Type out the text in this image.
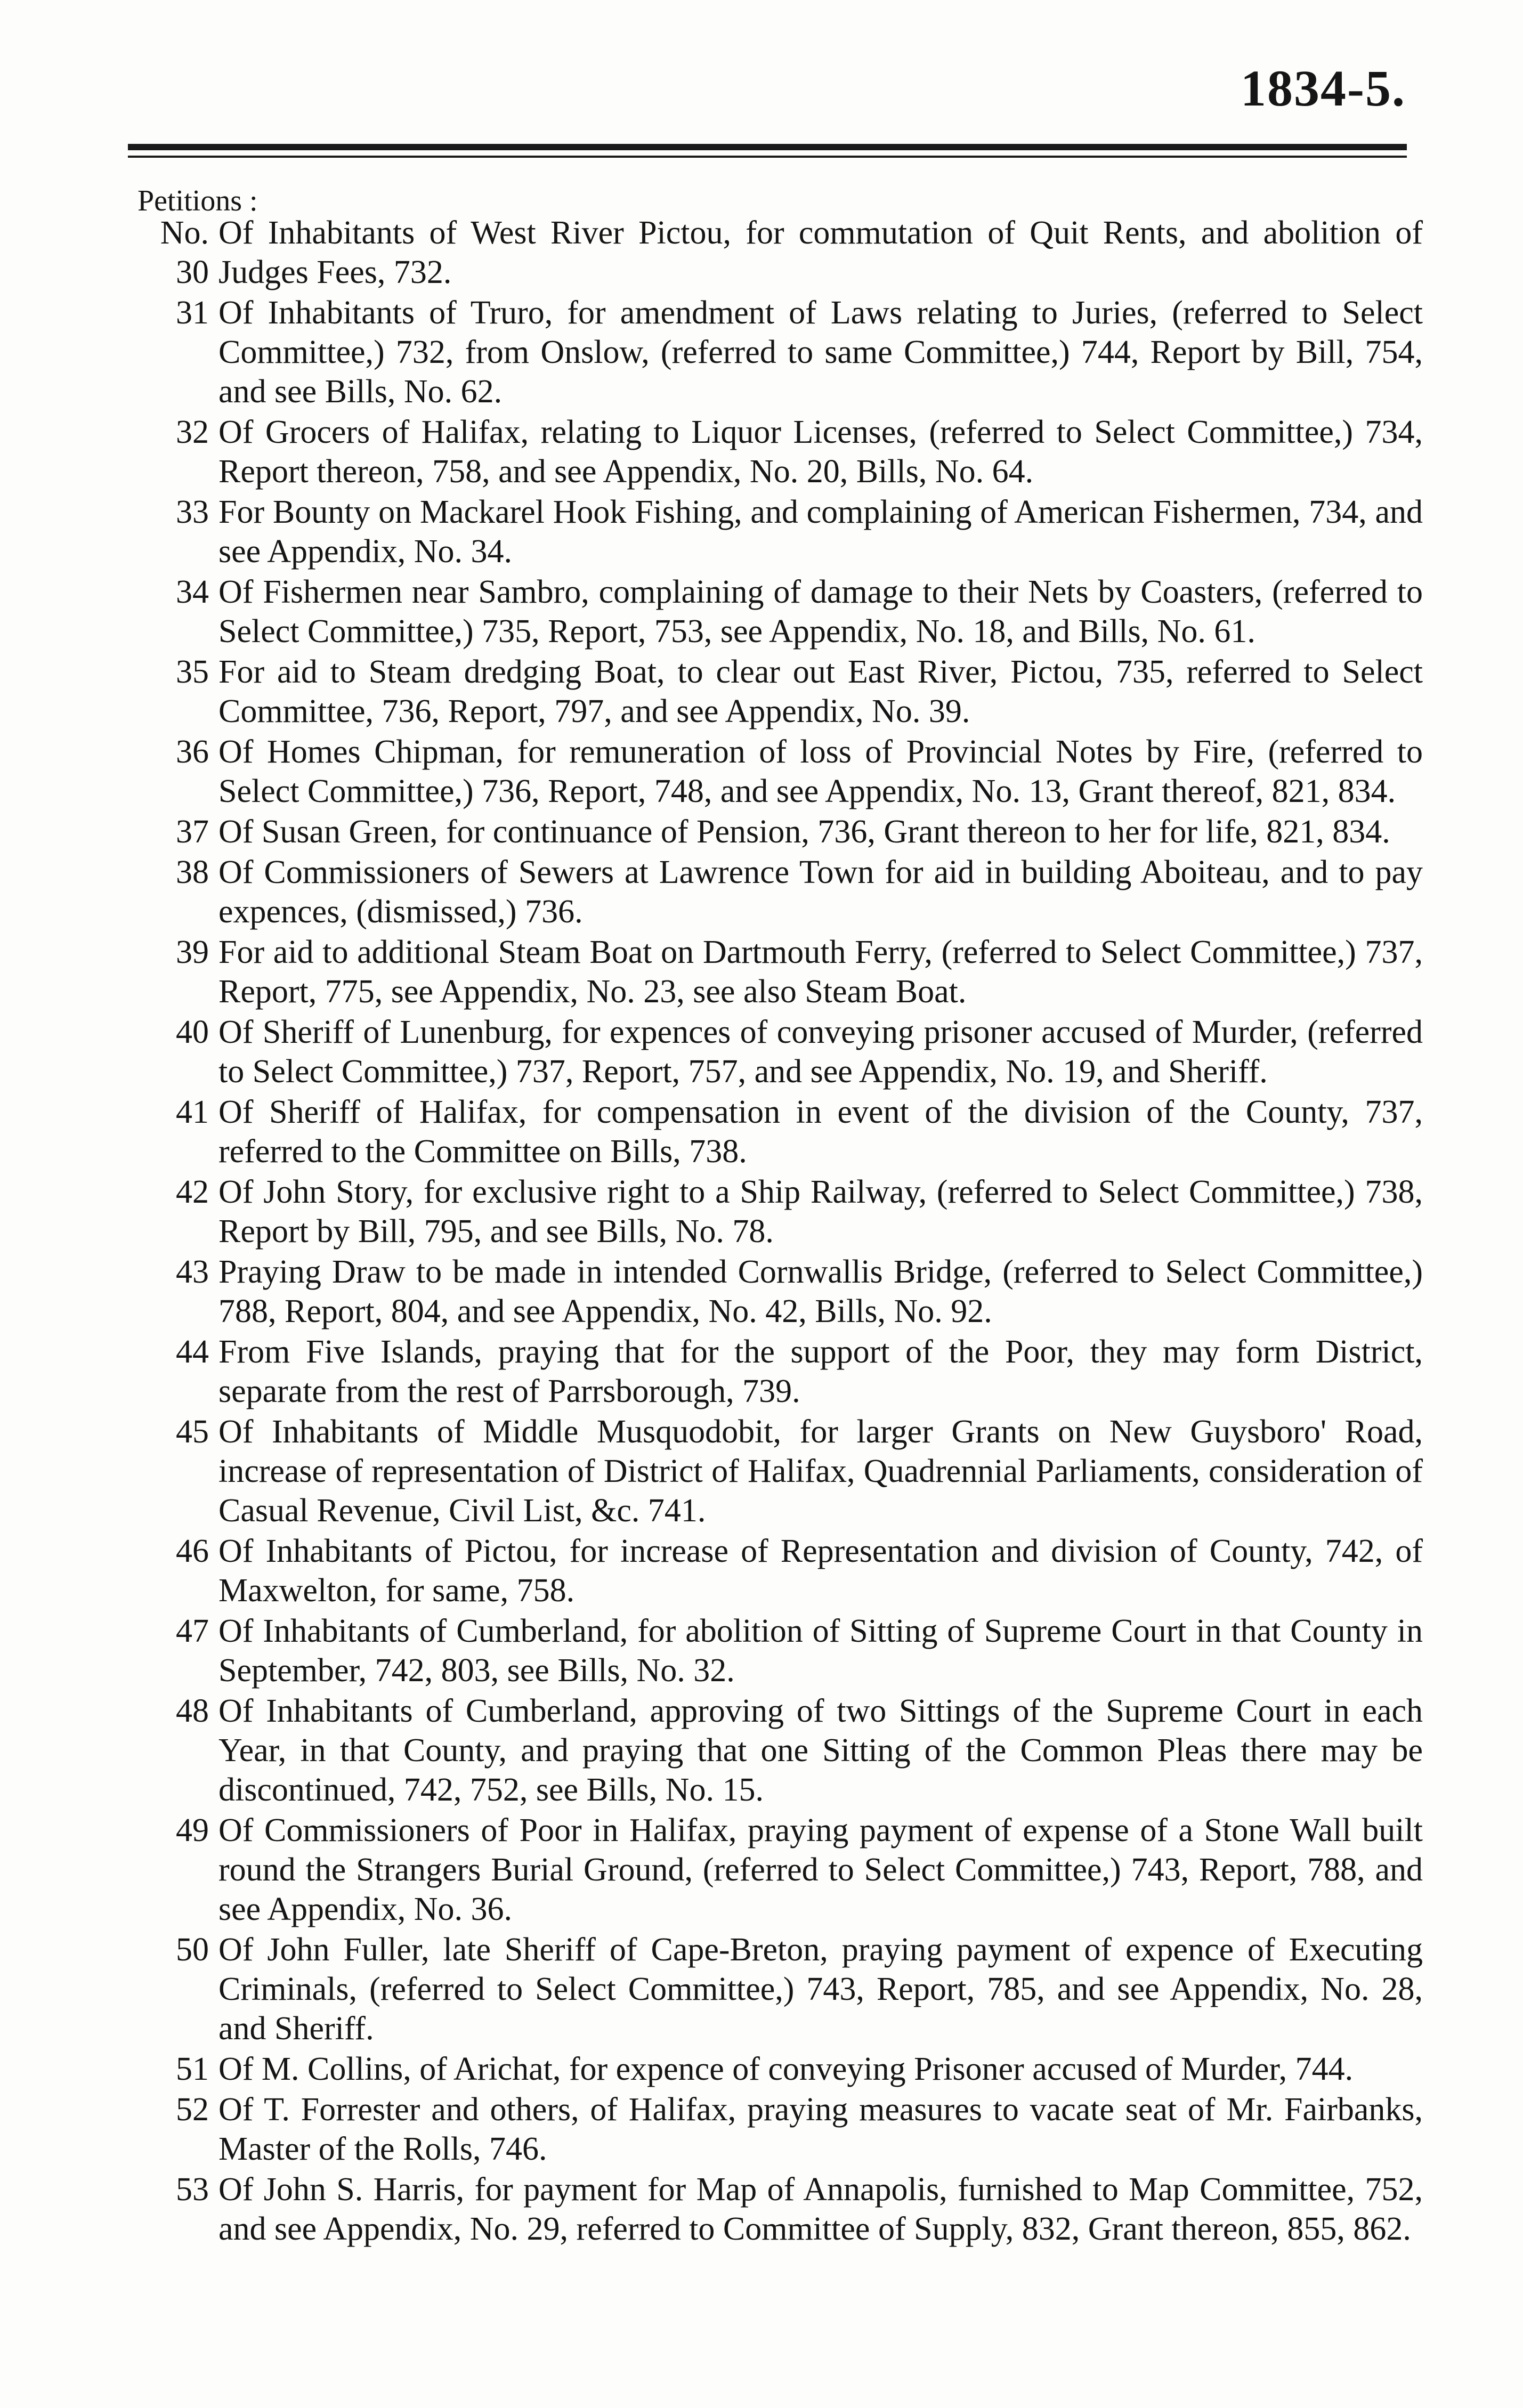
1834-5.
Petitions :
No. 30
Of Inhabitants of West River Pictou, for commutation of Quit Rents, and abolition of Judges Fees, 732.
31 Of Inhabitants of Truro, for amendment of Laws relating to Juries, (referred to Select Committee,) 732, from Onslow, (referred to same Committee,) 744, Report by Bill, 754, and see Bills, No. 62.
32 Of Grocers of Halifax, relating to Liquor Licenses, (referred to Select Committee,) 734, Report thereon, 758, and see Appendix, No. 20, Bills, No. 64.
33 For Bounty on Mackarel Hook Fishing, and complaining of American Fishermen, 734, and see Appendix, No. 34.
34 Of Fishermen near Sambro, complaining of damage to their Nets by Coasters, (referred to Select Committee,) 735, Report, 753, see Appendix, No. 18, and Bills, No. 61.
35 For aid to Steam dredging Boat, to clear out East River, Pictou, 735, referred to Select Committee, 736, Report, 797, and see Appendix, No. 39.
36 Of Homes Chipman, for remuneration of loss of Provincial Notes by Fire, (referred to Select Committee,) 736, Report, 748, and see Appendix, No. 13, Grant thereof, 821, 834.
37 Of Susan Green, for continuance of Pension, 736, Grant thereon to her for life, 821, 834.
38 Of Commissioners of Sewers at Lawrence Town for aid in building Aboiteau, and to pay expences, (dismissed,) 736.
39 For aid to additional Steam Boat on Dartmouth Ferry, (referred to Select Committee,) 737, Report, 775, see Appendix, No. 23, see also Steam Boat.
40 Of Sheriff of Lunenburg, for expences of conveying prisoner accused of Murder, (referred to Select Committee,) 737, Report, 757, and see Appendix, No. 19, and Sheriff.
41 Of Sheriff of Halifax, for compensation in event of the division of the County, 737, referred to the Committee on Bills, 738.
42 Of John Story, for exclusive right to a Ship Railway, (referred to Select Committee,) 738, Report by Bill, 795, and see Bills, No. 78.
43 Praying Draw to be made in intended Cornwallis Bridge, (referred to Select Committee,) 788, Report, 804, and see Appendix, No. 42, Bills, No. 92.
44 From Five Islands, praying that for the support of the Poor, they may form District, separate from the rest of Parrsborough, 739.
45 Of Inhabitants of Middle Musquodobit, for larger Grants on New Guysboro' Road, increase of representation of District of Halifax, Quadrennial Parliaments, consideration of Casual Revenue, Civil List, &c. 741.
46 Of Inhabitants of Pictou, for increase of Representation and division of County, 742, of Maxwelton, for same, 758.
47 Of Inhabitants of Cumberland, for abolition of Sitting of Supreme Court in that County in September, 742, 803, see Bills, No. 32.
48 Of Inhabitants of Cumberland, approving of two Sittings of the Supreme Court in each Year, in that County, and praying that one Sitting of the Common Pleas there may be discontinued, 742, 752, see Bills, No. 15.
49 Of Commissioners of Poor in Halifax, praying payment of expense of a Stone Wall built round the Strangers Burial Ground, (referred to Select Committee,) 743, Report, 788, and see Appendix, No. 36.
50 Of John Fuller, late Sheriff of Cape-Breton, praying payment of expence of Executing Criminals, (referred to Select Committee,) 743, Report, 785, and see Appendix, No. 28, and Sheriff.
51 Of M. Collins, of Arichat, for expence of conveying Prisoner accused of Murder, 744.
52 Of T. Forrester and others, of Halifax, praying measures to vacate seat of Mr. Fairbanks, Master of the Rolls, 746.
53 Of John S. Harris, for payment for Map of Annapolis, furnished to Map Committee, 752, and see Appendix, No. 29, referred to Committee of Supply, 832, Grant thereon, 855, 862.
